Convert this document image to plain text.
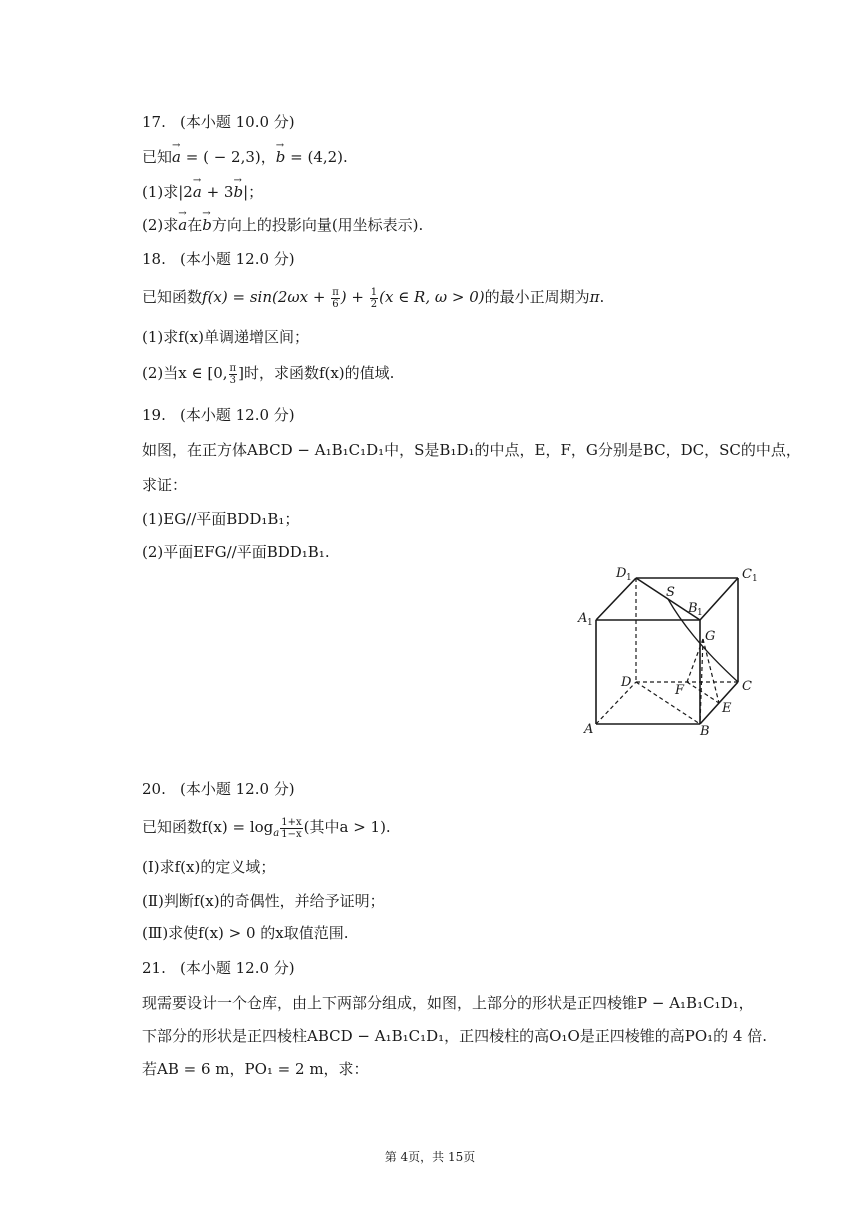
17. (本小题 10.0 分)
已知→ a = ( − 2,3)，→ b = (4,2).
(1)求|2→ a + 3→ b|；
(2)求→ a在→ b方向上的投影向量(用坐标表示).
18. (本小题 12.0 分)
已知函数$f(x) = \sin(2\omega x + \frac{\pi}{6}$ ) + $\frac{1}{2} (x$ ∈ R, ω > 0)的最小正周期为π.
(1)求f(x)单调递增区间；
(2)当x ∈ [0, $\frac{\pi}{3}$ ]时，求函数f(x)的值域.
19. (本小题 12.0 分)
如图，在正方体ABCD − A₁B₁C₁D₁中，S是B₁D₁的中点，E，F，G分别是BC，DC，SC的中点，
求证：
(1)EG//平面BDD₁B₁；
(2)平面EFG//平面BDD₁B₁.
D 1	C 1
A 1
S
B 1
G
D
F	C
E
A	B
20. (本小题 12.0 分)
已知函数$f(x) = \log_a \frac{1+x}{1-x}$ (其中a > 1).
(Ⅰ)求f(x)的定义域；
(Ⅱ)判断f(x)的奇偶性，并给予证明；
(Ⅲ)求使f(x) > 0 的x取值范围.
21. (本小题 12.0 分)
现需要设计一个仓库，由上下两部分组成，如图，上部分的形状是正四棱锥P − A₁B₁C₁D₁，
下部分的形状是正四棱柱ABCD − A₁B₁C₁D₁，正四棱柱的高O₁O是正四棱锥的高PO₁的 4 倍.
若AB = 6 m，PO₁ = 2 m，求：
第 4页，共 15页
